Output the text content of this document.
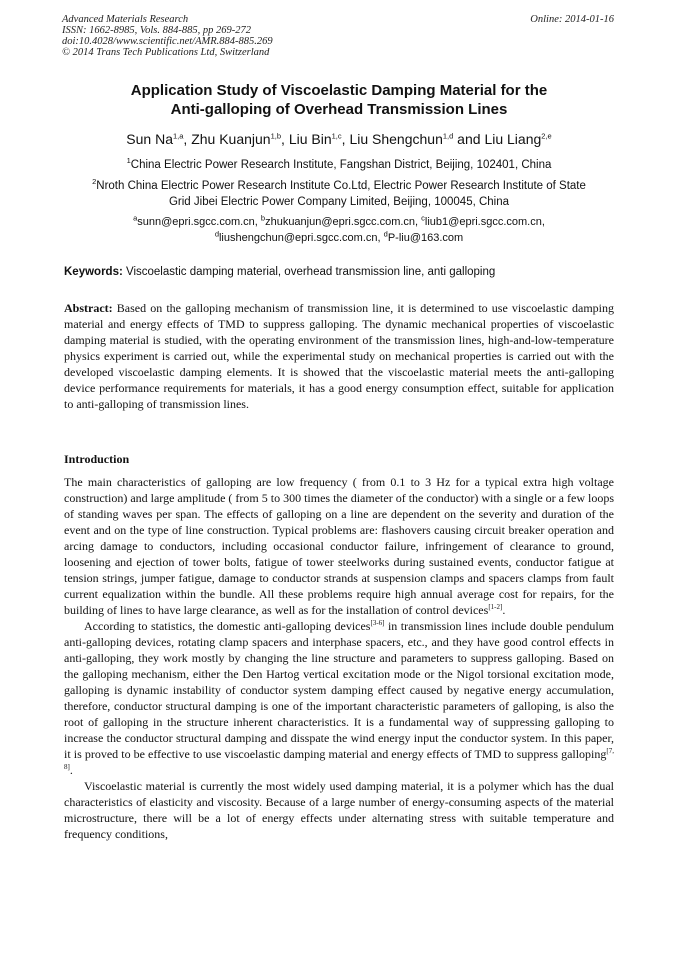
Advanced Materials Research
ISSN: 1662-8985, Vols. 884-885, pp 269-272
doi:10.4028/www.scientific.net/AMR.884-885.269
© 2014 Trans Tech Publications Ltd, Switzerland
Online: 2014-01-16
Application Study of Viscoelastic Damping Material for the
Anti-galloping of Overhead Transmission Lines
Sun Na$^{1,a}$, Zhu Kuanjun$^{1,b}$, Liu Bin$^{1,c}$, Liu Shengchun$^{1,d}$ and Liu Liang$^{2,e}$
$^1$China Electric Power Research Institute, Fangshan District, Beijing, 102401, China
$^2$Nroth China Electric Power Research Institute Co.Ltd, Electric Power Research Institute of State
Grid Jibei Electric Power Company Limited, Beijing, 100045, China
$^a$sunn@epri.sgcc.com.cn, $^b$zhukuanjun@epri.sgcc.com.cn, $^c$liub1@epri.sgcc.com.cn,
$^d$liushengchun@epri.sgcc.com.cn, $^d$P-liu@163.com
Keywords: Viscoelastic damping material, overhead transmission line, anti galloping
Abstract: Based on the galloping mechanism of transmission line, it is determined to use viscoelastic damping material and energy effects of TMD to suppress galloping. The dynamic mechanical properties of viscoelastic damping material is studied, with the operating environment of the transmission lines, high-and-low-temperature physics experiment is carried out, while the experimental study on mechanical properties is carried out with the developed viscoelastic damping elements. It is showed that the viscoelastic material meets the anti-galloping device performance requirements for materials, it has a good energy consumption effect, suitable for application to anti-galloping of transmission lines.
Introduction

The main characteristics of galloping are low frequency ( from 0.1 to 3 Hz for a typical extra high voltage construction) and large amplitude ( from 5 to 300 times the diameter of the conductor) with a single or a few loops of standing waves per span. The effects of galloping on a line are dependent on the severity and duration of the event and on the type of line construction. Typical problems are: flashovers causing circuit breaker operation and arcing damage to conductors, including occasional conductor failure, infringement of clearance to ground, loosening and ejection of tower bolts, fatigue of tower steelworks during sustained events, conductor fatigue at tension strings, jumper fatigue, damage to conductor strands at suspension clamps and spacers clamps from fault current equalization within the bundle. All these problems require high annual average cost for repairs, for the building of lines to have large clearance, as well as for the installation of control devices[1-2].

According to statistics, the domestic anti-galloping devices[3-6] in transmission lines include double pendulum anti-galloping devices, rotating clamp spacers and interphase spacers, etc., and they have good control effects in anti-galloping, they work mostly by changing the line structure and parameters to suppress galloping. Based on the galloping mechanism, either the Den Hartog vertical excitation mode or the Nigol torsional excitation mode, galloping is dynamic instability of conductor system damping effect caused by negative energy accumulation, therefore, conductor structural damping is one of the important characteristic parameters of galloping, is also the root of galloping in the structure inherent characteristics. It is a fundamental way of suppressing galloping to increase the conductor structural damping and disspate the wind energy input the conductor system. In this paper, it is proved to be effective to use viscoelastic damping material and energy effects of TMD to suppress galloping[7, 8].

Viscoelastic material is currently the most widely used damping material, it is a polymer which has the dual characteristics of elasticity and viscosity. Because of a large number of energy-consuming aspects of the material microstructure, there will be a lot of energy effects under alternating stress with suitable temperature and frequency conditions,
